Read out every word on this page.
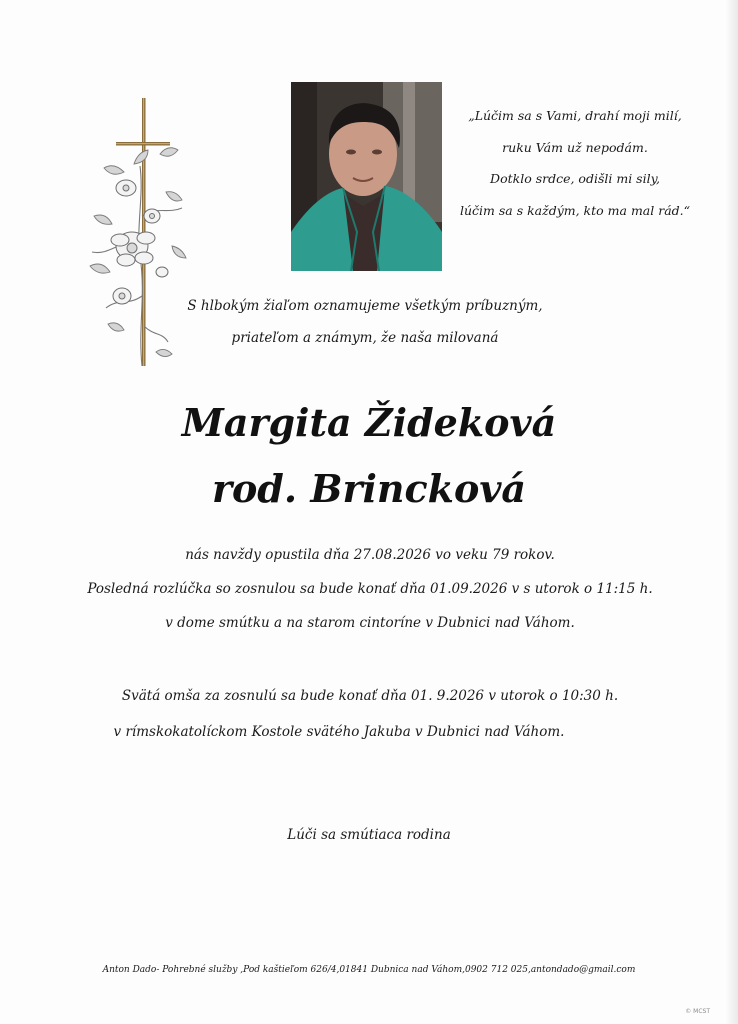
„Lúčim sa s Vami, drahí moji milí,

ruku Vám už nepodám.

Dotklo srdce, odišli mi sily,

lúčim sa s každým, kto ma mal rád.“

S hlbokým žiaľom oznamujeme všetkým príbuzným,

priateľom a známym, že naša milovaná

Margita Žideková

rod. Brincková

nás navždy opustila dňa 27.08.2026 vo veku 79 rokov.

Posledná rozlúčka so zosnulou sa bude konať dňa 01.09.2026 v s utorok o 11:15 h.

v dome smútku a na starom cintoríne v Dubnici nad Váhom.

Svätá omša za zosnulú sa bude konať dňa 01. 9.2026 v utorok o 10:30 h.

v rímskokatolíckom Kostole svätého Jakuba v Dubnici nad Váhom.

Lúči sa smútiaca rodina
Anton Dado- Pohrebné služby ,Pod kaštieľom 626/4,01841 Dubnica nad Váhom,0902 712 025,antondado@gmail.com
© MCST
